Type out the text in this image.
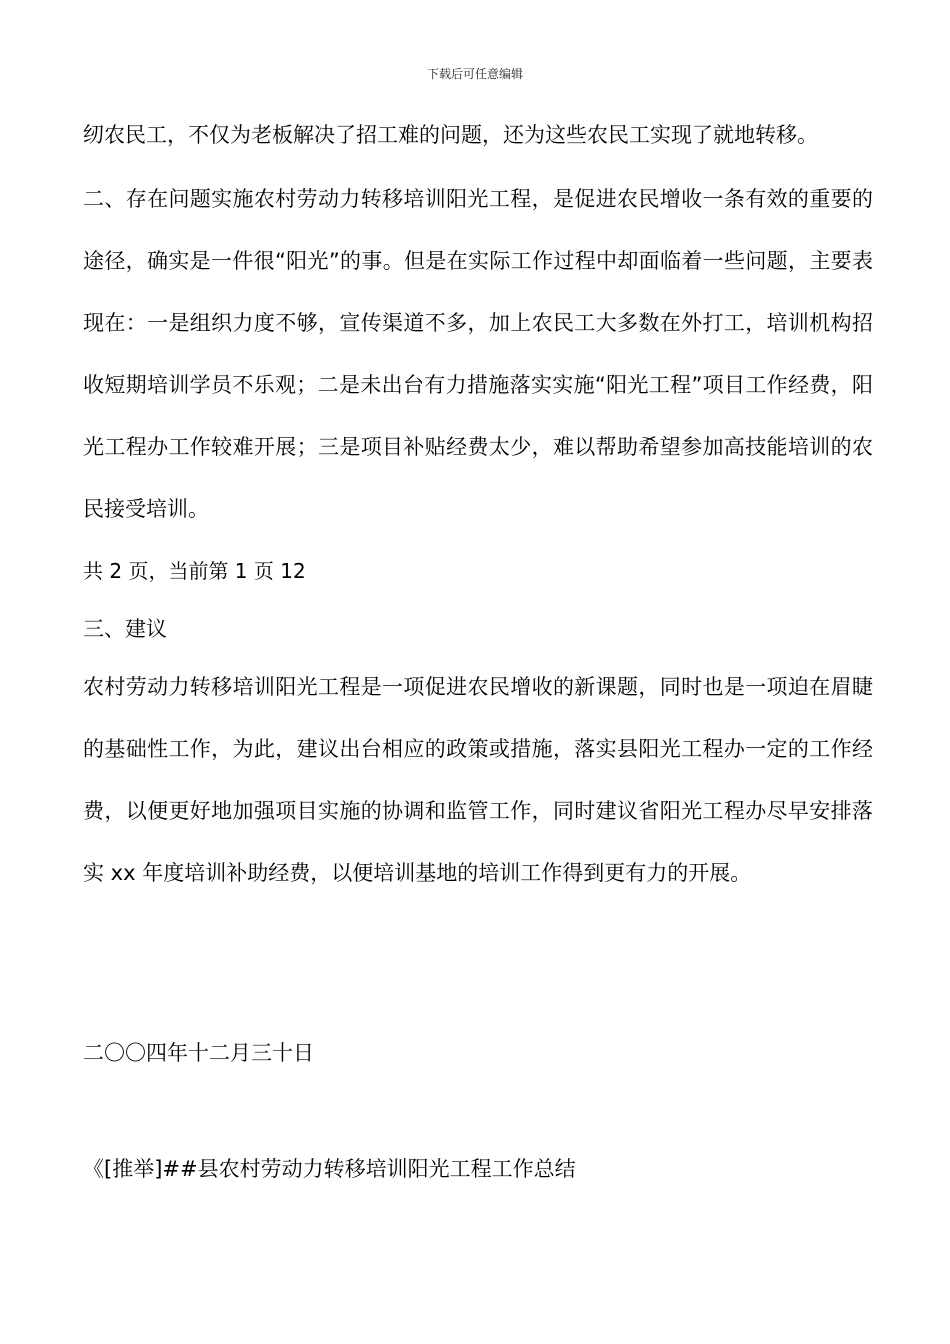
下载后可任意编辑

纫农民工，不仅为老板解决了招工难的问题，还为这些农民工实现了就地转移。

二、存在问题实施农村劳动力转移培训阳光工程，是促进农民增收一条有效的重要的途径，确实是一件很“阳光”的事。但是在实际工作过程中却面临着一些问题，主要表现在：一是组织力度不够，宣传渠道不多，加上农民工大多数在外打工，培训机构招收短期培训学员不乐观；二是未出台有力措施落实实施“阳光工程”项目工作经费，阳光工程办工作较难开展；三是项目补贴经费太少，难以帮助希望参加高技能培训的农民接受培训。

共 2 页，当前第 1 页 12

三、建议

农村劳动力转移培训阳光工程是一项促进农民增收的新课题，同时也是一项迫在眉睫的基础性工作，为此，建议出台相应的政策或措施，落实县阳光工程办一定的工作经费，以便更好地加强项目实施的协调和监管工作，同时建议省阳光工程办尽早安排落实 xx 年度培训补助经费，以便培训基地的培训工作得到更有力的开展。

二〇〇四年十二月三十日

《[推举]##县农村劳动力转移培训阳光工程工作总结
